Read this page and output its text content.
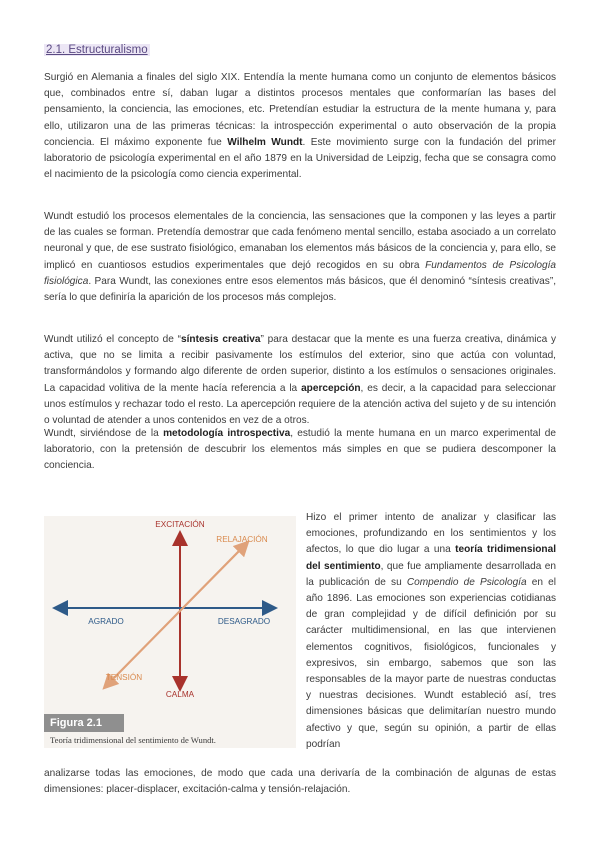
2.1. Estructuralismo

Surgió en Alemania a finales del siglo XIX. Entendía la mente humana como un conjunto de elementos básicos que, combinados entre sí, daban lugar a distintos procesos mentales que conformarían las bases del pensamiento, la conciencia, las emociones, etc. Pretendían estudiar la estructura de la mente humana y, para ello, utilizaron una de las primeras técnicas: la introspección experimental o auto observación de la propia conciencia. El máximo exponente fue Wilhelm Wundt. Este movimiento surge con la fundación del primer laboratorio de psicología experimental en el año 1879 en la Universidad de Leipzig, fecha que se consagra como el nacimiento de la psicología como ciencia experimental.

Wundt estudió los procesos elementales de la conciencia, las sensaciones que la componen y las leyes a partir de las cuales se forman. Pretendía demostrar que cada fenómeno mental sencillo, estaba asociado a un correlato neuronal y que, de ese sustrato fisiológico, emanaban los elementos más básicos de la conciencia y, para ello, se implicó en cuantiosos estudios experimentales que dejó recogidos en su obra Fundamentos de Psicología fisiológica. Para Wundt, las conexiones entre esos elementos más básicos, que él denominó “síntesis creativas”, sería lo que definiría la aparición de los procesos más complejos.

Wundt utilizó el concepto de “síntesis creativa” para destacar que la mente es una fuerza creativa, dinámica y activa, que no se limita a recibir pasivamente los estímulos del exterior, sino que actúa con voluntad, transformándolos y formando algo diferente de orden superior, distinto a los estímulos o sensaciones originales. La capacidad volitiva de la mente hacía referencia a la apercepción, es decir, a la capacidad para seleccionar unos estímulos y rechazar todo el resto. La apercepción requiere de la atención activa del sujeto y de su intención o voluntad de atender a unos contenidos en vez de a otros.

Wundt, sirviéndose de la metodología introspectiva, estudió la mente humana en un marco experimental de laboratorio, con la pretensión de descubrir los elementos más simples en que se pudiera descomponer la conciencia.

EXCITACIÓN
CALMA
AGRADO	DESAGRADO
RELAJACIÓN
TENSIÓN
Figura 2.1
Teoría tridimensional del sentimiento de Wundt.

Hizo el primer intento de analizar y clasificar las emociones, profundizando en los sentimientos y los afectos, lo que dio lugar a una teoría tridimensional del sentimiento, que fue ampliamente desarrollada en la publicación de su Compendio de Psicología en el año 1896. Las emociones son experiencias cotidianas de gran complejidad y de difícil definición por su carácter multidimensional, en las que intervienen elementos cognitivos, fisiológicos, funcionales y expresivos, sin embargo, sabemos que son las responsables de la mayor parte de nuestras conductas y nuestras decisiones. Wundt estableció así, tres dimensiones básicas que delimitarían nuestro mundo afectivo y que, según su opinión, a partir de ellas podrían

analizarse todas las emociones, de modo que cada una derivaría de la combinación de algunas de estas dimensiones: placer-displacer, excitación-calma y tensión-relajación.
